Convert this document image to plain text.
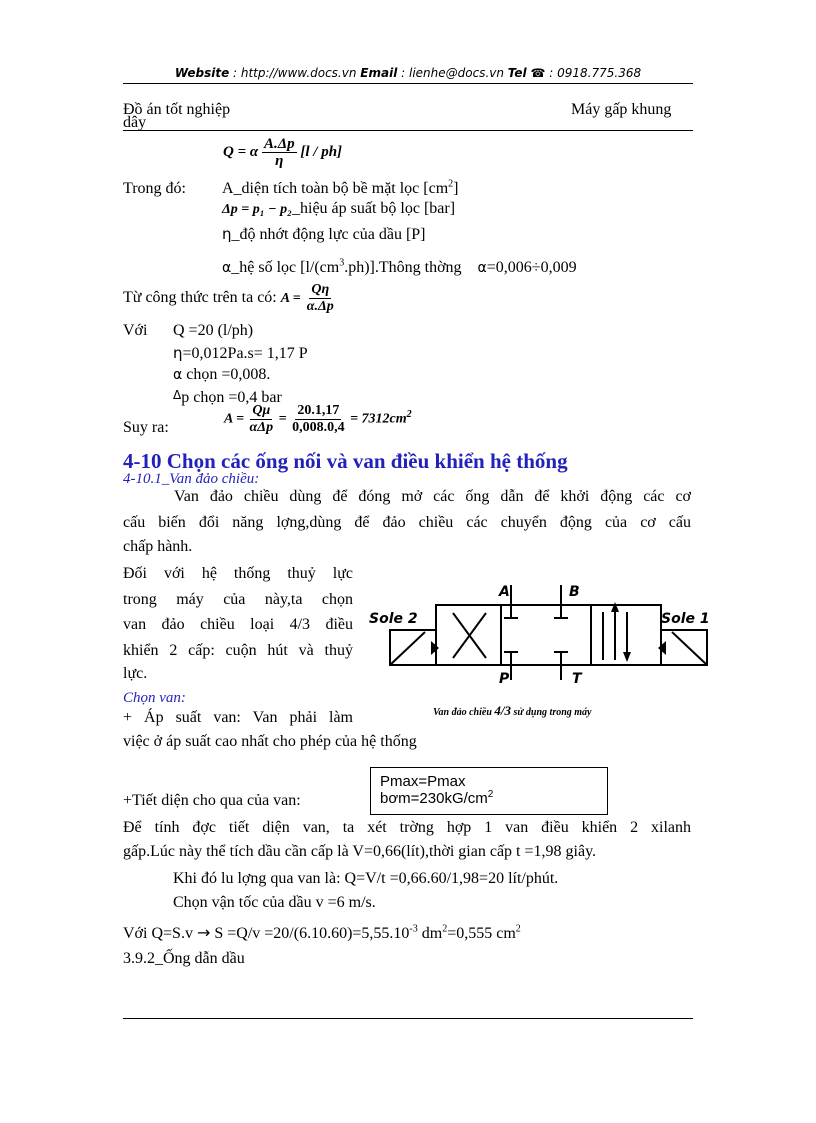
Website : http://www.docs.vn Email : lienhe@docs.vn Tel ☎ : 0918.775.368
Đồ án tốt nghiệp
dây
Máy gấp khung
Q = α $\frac{A.\Delta p}{\eta} [l / ph]$
Trong đó: A_diện tích toàn bộ bề mặt lọc $[cm^2]$
Δp = p₁ − p₂_hiệu áp suất bộ lọc [bar]
η_độ nhớt động lực của dầu [P]
α_hệ số lọc $[l/(cm^3.ph)].Thông$ thờng α=0,006÷0,009
Từ công thức trên ta có: $A = \frac{Q\eta}{\alpha.\Delta p}$
Với Q =20 (l/ph)
η=0,012Pa.s= 1,17 P
α chọn =0,008.
Δp chọn =0,4 bar
Suy ra:	$A = \frac{Q\mu}{\text{αΔp}} = \frac{20.1,17}{0,008.0,4} = 7312cm^2$
4-10 Chọn các ống nối và van điều khiển hệ thống
4-10.1_Van đảo chiều:
Van đảo chiều dùng để đóng mở các ống dẫn để khởi động các cơ
cấu biến đổi năng lợng,dùng để đảo chiều các chuyển động của cơ cấu
chấp hành.
Đối với hệ thống thuỷ lực
trong máy của này,ta chọn
van đảo chiều loại 4/3 điều
khiển 2 cấp: cuộn hút và thuỷ
lực.
Chọn van:
+ Áp suất van: Van phải làm
việc ở áp suất cao nhất cho phép của hệ thống
A	B
P	T
Sole 2	Sole 1
Van đảo chiều 4/3 sử dụng trong máy
Pmax=Pmax
$bơm=230kG/cm^2$
+Tiết diện cho qua của van:
Để tính đợc tiết diện van, ta xét trờng hợp 1 van điều khiển 2 xilanh
gấp.Lúc này thể tích dầu cần cấp là V=0,66(lít),thời gian cấp t =1,98 giây.
Khi đó lu lợng qua van là: Q=V/t =0,66.60/1,98=20 lít/phút.
Chọn vận tốc của dầu v =6 m/s.
Với $Q=S.v \to S =Q/v =20/(6.10.60)=5,55.10^{-3}$ $dm^2=0,555$ $cm^2$
3.9.2_Ống dẫn dầu
